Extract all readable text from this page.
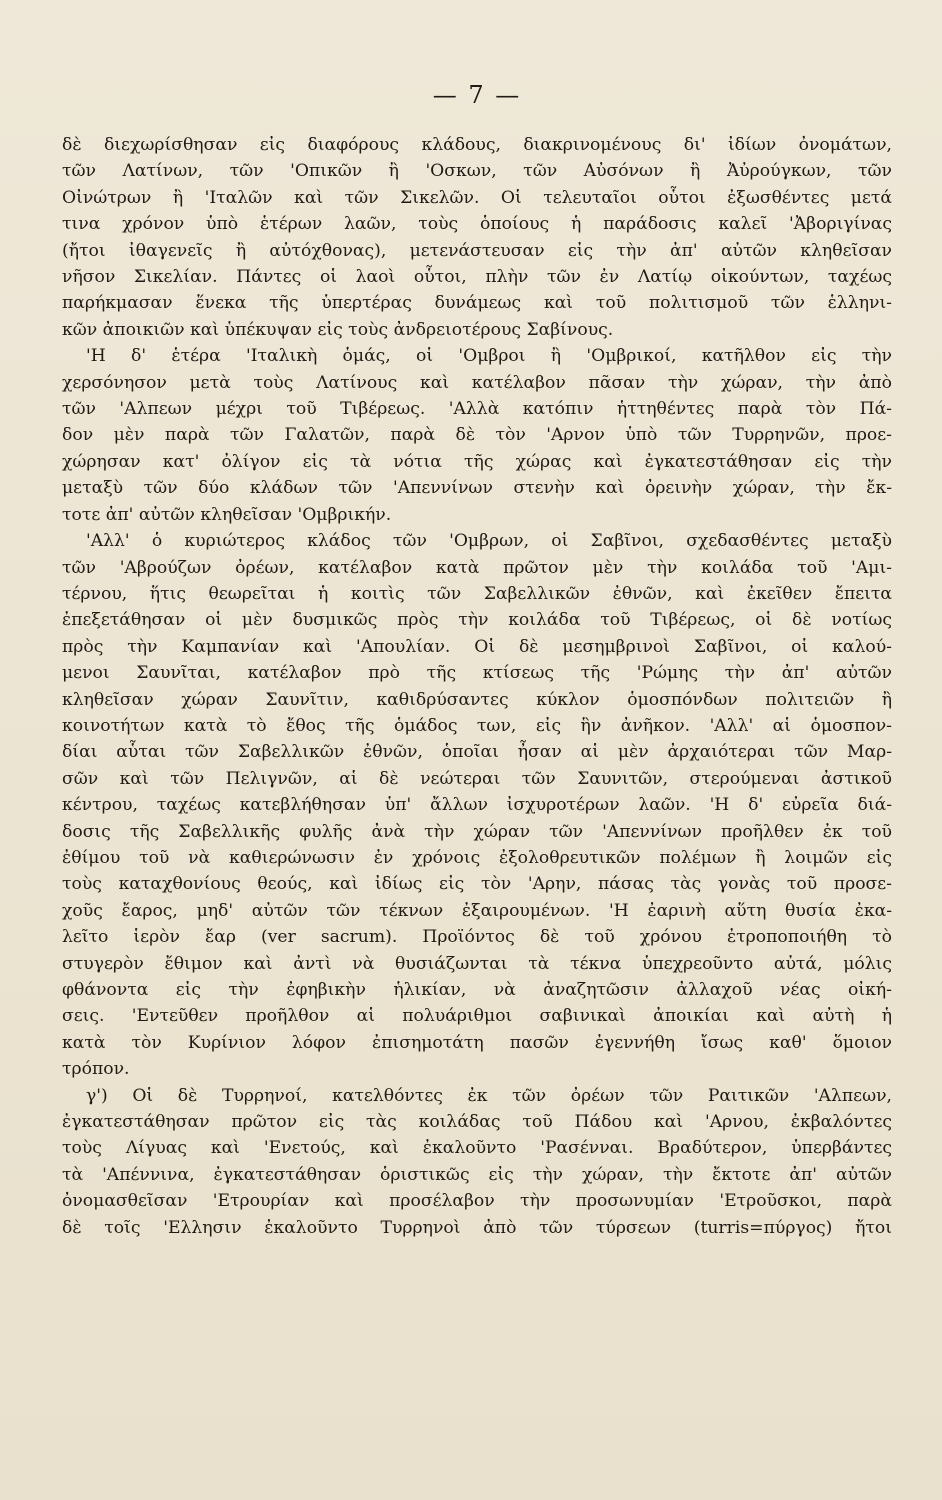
— 7 —
δὲ διεχωρίσθησαν εἰς διαφόρους κλάδους, διακρινομένους δι' ἰδίων ὀνομάτων,
τῶν Λατίνων, τῶν 'Οπικῶν ἢ 'Οσκων, τῶν Αὐσόνων ἢ Ἀὐρούγκων, τῶν
Οἰνώτρων ἢ 'Ιταλῶν καὶ τῶν Σικελῶν. Οἱ τελευταῖοι οὗτοι ἐξωσθέντες μετά
τινα χρόνον ὑπὸ ἑτέρων λαῶν, τοὺς ὁποίους ἡ παράδοσις καλεῖ 'Ἀβοριγίνας
(ἤτοι ἰθαγενεῖς ἢ αὐτόχθονας), μετενάστευσαν εἰς τὴν ἀπ' αὐτῶν κληθεῖσαν
νῆσον Σικελίαν. Πάντες οἱ λαοὶ οὗτοι, πλὴν τῶν ἐν Λατίῳ οἰκούντων, ταχέως
παρήκμασαν ἕνεκα τῆς ὑπερτέρας δυνάμεως καὶ τοῦ πολιτισμοῦ τῶν ἑλληνι-
κῶν ἀποικιῶν καὶ ὑπέκυψαν εἰς τοὺς ἀνδρειοτέρους Σαβίνους.
'Η δ' ἑτέρα 'Ιταλικὴ ὁμάς, οἱ 'Ομβροι ἢ 'Ομβρικοί, κατῆλθον εἰς τὴν
χερσόνησον μετὰ τοὺς Λατίνους καὶ κατέλαβον πᾶσαν τὴν χώραν, τὴν ἀπὸ
τῶν 'Αλπεων μέχρι τοῦ Τιβέρεως. 'Αλλὰ κατόπιν ἡττηθέντες παρὰ τὸν Πά-
δον μὲν παρὰ τῶν Γαλατῶν, παρὰ δὲ τὸν 'Αρνον ὑπὸ τῶν Τυρρηνῶν, προε-
χώρησαν κατ' ὀλίγον εἰς τὰ νότια τῆς χώρας καὶ ἐγκατεστάθησαν εἰς τὴν
μεταξὺ τῶν δύο κλάδων τῶν 'Απεννίνων στενὴν καὶ ὀρεινὴν χώραν, τὴν ἔκ-
τοτε ἀπ' αὐτῶν κληθεῖσαν 'Ομβρικήν.
'Αλλ' ὁ κυριώτερος κλάδος τῶν 'Ομβρων, οἱ Σαβῖνοι, σχεδασθέντες μεταξὺ
τῶν 'Αβρούζων ὀρέων, κατέλαβον κατὰ πρῶτον μὲν τὴν κοιλάδα τοῦ 'Αμι-
τέρνου, ἥτις θεωρεῖται ἡ κοιτὶς τῶν Σαβελλικῶν ἐθνῶν, καὶ ἐκεῖθεν ἔπειτα
ἐπεξετάθησαν οἱ μὲν δυσμικῶς πρὸς τὴν κοιλάδα τοῦ Τιβέρεως, οἱ δὲ νοτίως
πρὸς τὴν Καμπανίαν καὶ 'Απουλίαν. Οἱ δὲ μεσημβρινοὶ Σαβῖνοι, οἱ καλού-
μενοι Σαυνῖται, κατέλαβον πρὸ τῆς κτίσεως τῆς 'Ρώμης τὴν ἀπ' αὐτῶν
κληθεῖσαν χώραν Σαυνῖτιν, καθιδρύσαντες κύκλον ὁμοσπόνδων πολιτειῶν ἢ
κοινοτήτων κατὰ τὸ ἔθος τῆς ὁμάδος των, εἰς ἣν ἀνῆκον. 'Αλλ' αἱ ὁμοσπον-
δίαι αὗται τῶν Σαβελλικῶν ἐθνῶν, ὁποῖαι ἦσαν αἱ μὲν ἀρχαιότεραι τῶν Μαρ-
σῶν καὶ τῶν Πελιγνῶν, αἱ δὲ νεώτεραι τῶν Σαυνιτῶν, στερούμεναι ἀστικοῦ
κέντρου, ταχέως κατεβλήθησαν ὑπ' ἄλλων ἰσχυροτέρων λαῶν. 'Η δ' εὐρεῖα διά-
δοσις τῆς Σαβελλικῆς φυλῆς ἀνὰ τὴν χώραν τῶν 'Απεννίνων προῆλθεν ἐκ τοῦ
ἐθίμου τοῦ νὰ καθιερώνωσιν ἐν χρόνοις ἐξολοθρευτικῶν πολέμων ἢ λοιμῶν εἰς
τοὺς καταχθονίους θεούς, καὶ ἰδίως εἰς τὸν 'Αρην, πάσας τὰς γονὰς τοῦ προσε-
χοῦς ἔαρος, μηδ' αὐτῶν τῶν τέκνων ἐξαιρουμένων. 'Η ἐαρινὴ αὕτη θυσία ἐκα-
λεῖτο ἱερὸν ἔαρ (ver sacrum). Προϊόντος δὲ τοῦ χρόνου ἐτροποποιήθη τὸ
στυγερὸν ἔθιμον καὶ ἀντὶ νὰ θυσιάζωνται τὰ τέκνα ὑπεχρεοῦντο αὐτά, μόλις
φθάνοντα εἰς τὴν ἐφηβικὴν ἡλικίαν, νὰ ἀναζητῶσιν ἀλλαχοῦ νέας οἰκή-
σεις. 'Εντεῦθεν προῆλθον αἱ πολυάριθμοι σαβινικαὶ ἀποικίαι καὶ αὐτὴ ἡ
κατὰ τὸν Κυρίνιον λόφον ἐπισημοτάτη πασῶν ἐγεννήθη ἴσως καθ' ὅμοιον
τρόπον.
γ') Οἱ δὲ Τυρρηνοί, κατελθόντες ἐκ τῶν ὀρέων τῶν Ραιτικῶν 'Αλπεων,
ἐγκατεστάθησαν πρῶτον εἰς τὰς κοιλάδας τοῦ Πάδου καὶ 'Αρνου, ἐκβαλόντες
τοὺς Λίγυας καὶ 'Ενετούς, καὶ ἐκαλοῦντο 'Ρασένναι. Βραδύτερον, ὑπερβάντες
τὰ 'Απέννινα, ἐγκατεστάθησαν ὁριστικῶς εἰς τὴν χώραν, τὴν ἔκτοτε ἀπ' αὐτῶν
ὀνομασθεῖσαν 'Ετρουρίαν καὶ προσέλαβον τὴν προσωνυμίαν 'Ετροῦσκοι, παρὰ
δὲ τοῖς 'Ελλησιν ἐκαλοῦντο Τυρρηνοὶ ἀπὸ τῶν τύρσεων (turris=πύργος) ἤτοι
